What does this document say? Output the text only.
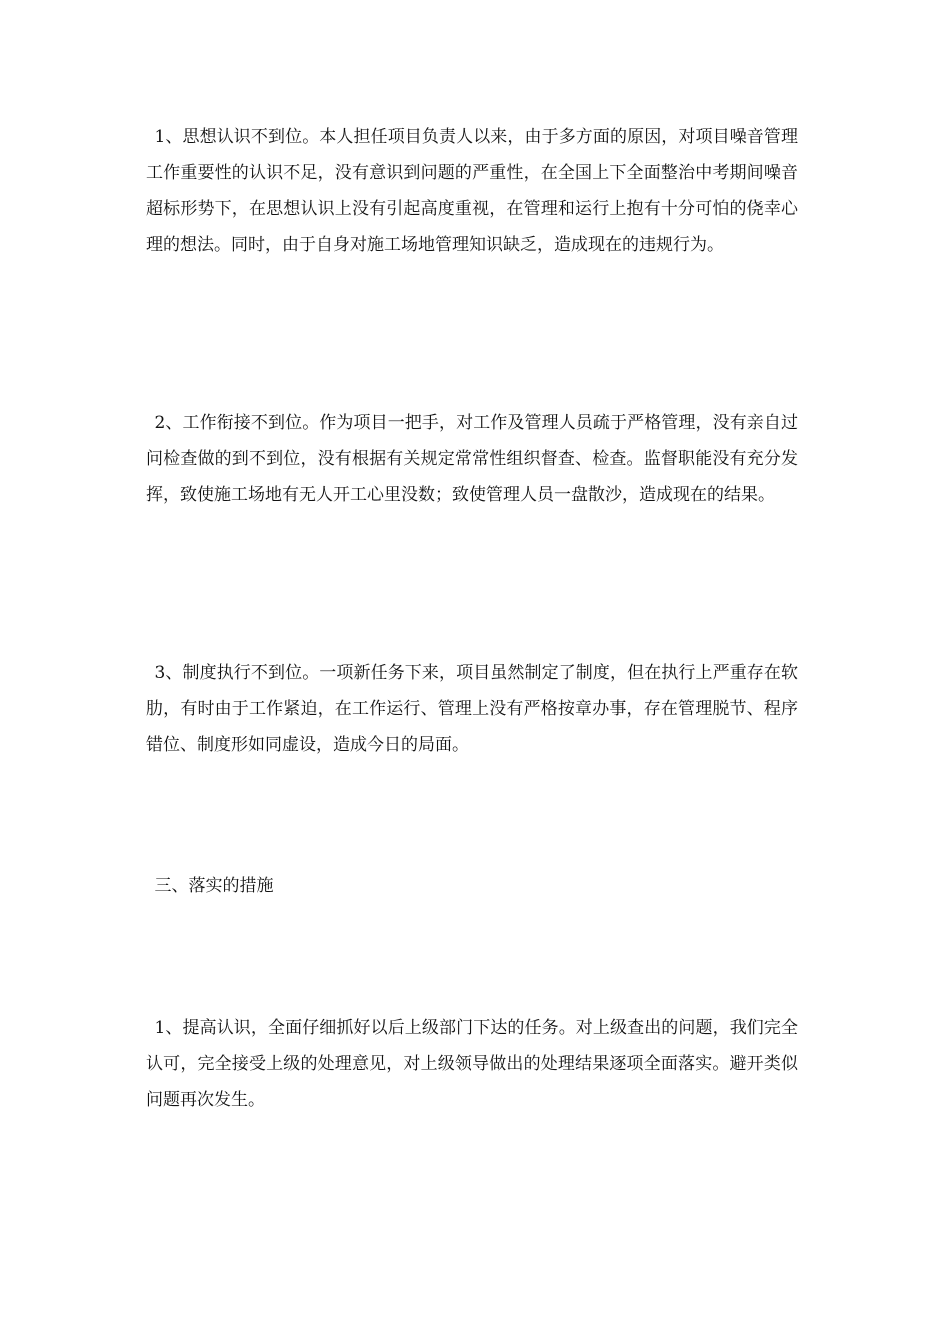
1、思想认识不到位。本人担任项目负责人以来，由于多方面的原因，对项目噪音管理工作重要性的认识不足，没有意识到问题的严重性，在全国上下全面整治中考期间噪音超标形势下，在思想认识上没有引起高度重视，在管理和运行上抱有十分可怕的侥幸心理的想法。同时，由于自身对施工场地管理知识缺乏，造成现在的违规行为。

2、工作衔接不到位。作为项目一把手，对工作及管理人员疏于严格管理，没有亲自过问检查做的到不到位，没有根据有关规定常常性组织督查、检查。监督职能没有充分发挥，致使施工场地有无人开工心里没数；致使管理人员一盘散沙，造成现在的结果。

3、制度执行不到位。一项新任务下来，项目虽然制定了制度，但在执行上严重存在软肋，有时由于工作紧迫，在工作运行、管理上没有严格按章办事，存在管理脱节、程序错位、制度形如同虚设，造成今日的局面。

三、落实的措施

1、提高认识，全面仔细抓好以后上级部门下达的任务。对上级查出的问题，我们完全认可，完全接受上级的处理意见，对上级领导做出的处理结果逐项全面落实。避开类似问题再次发生。
